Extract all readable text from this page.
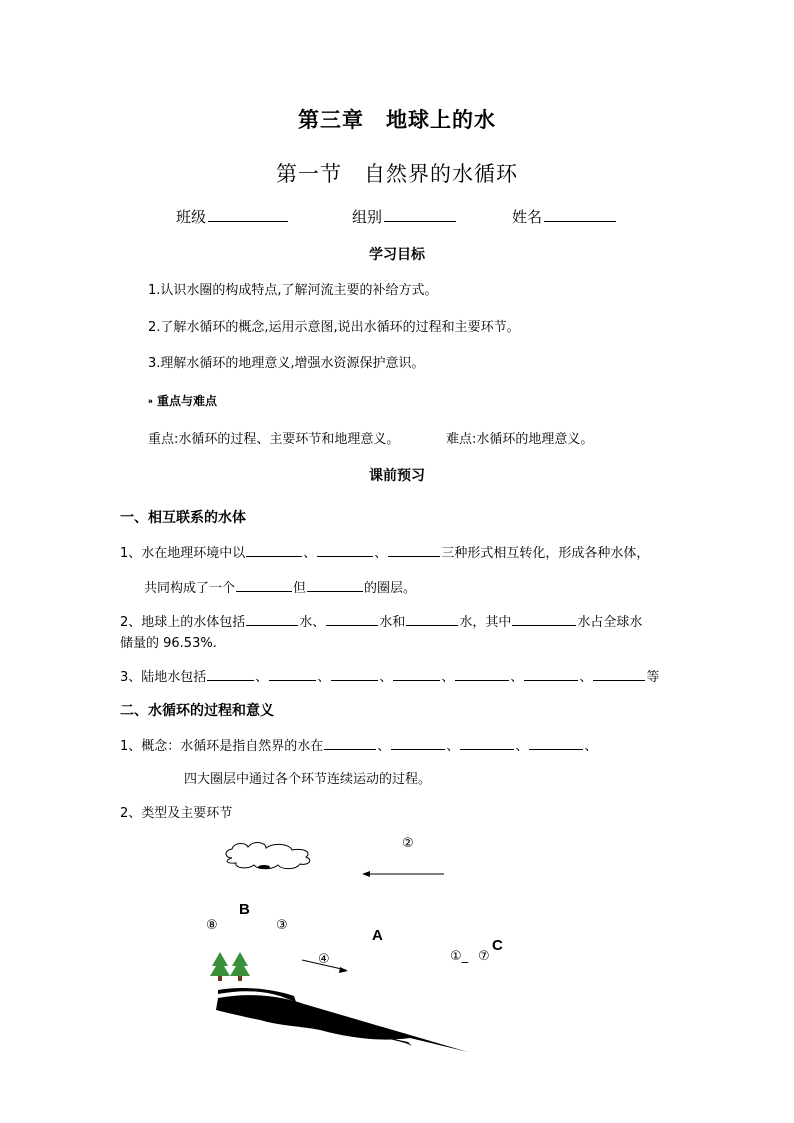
第三章　地球上的水
第一节　自然界的水循环
班级	组别	姓名
学习目标
1.认识水圈的构成特点,了解河流主要的补给方式。
2.了解水循环的概念,运用示意图,说出水循环的过程和主要环节。
3.理解水循环的地理意义,增强水资源保护意识。
⁍ 重点与难点
重点:水循环的过程、主要环节和地理意义。	难点:水循环的地理意义。
课前预习
一、相互联系的水体
1、水在地理环境中以	、	、	三种形式相互转化，形成各种水体，
共同构成了一个	但	的圈层。
2、地球上的水体包括	水、	水和	水，其中	水占全球水
储量的 96.53%.
3、陆地水包括	、	、	、	、	、	、	等
二、水循环的过程和意义
1、概念：水循环是指自然界的水在	、	、	、	、
四大圈层中通过各个环节连续运动的过程。
2、类型及主要环节
②
B
⑧	③
A
④	①_ ⑦
C
